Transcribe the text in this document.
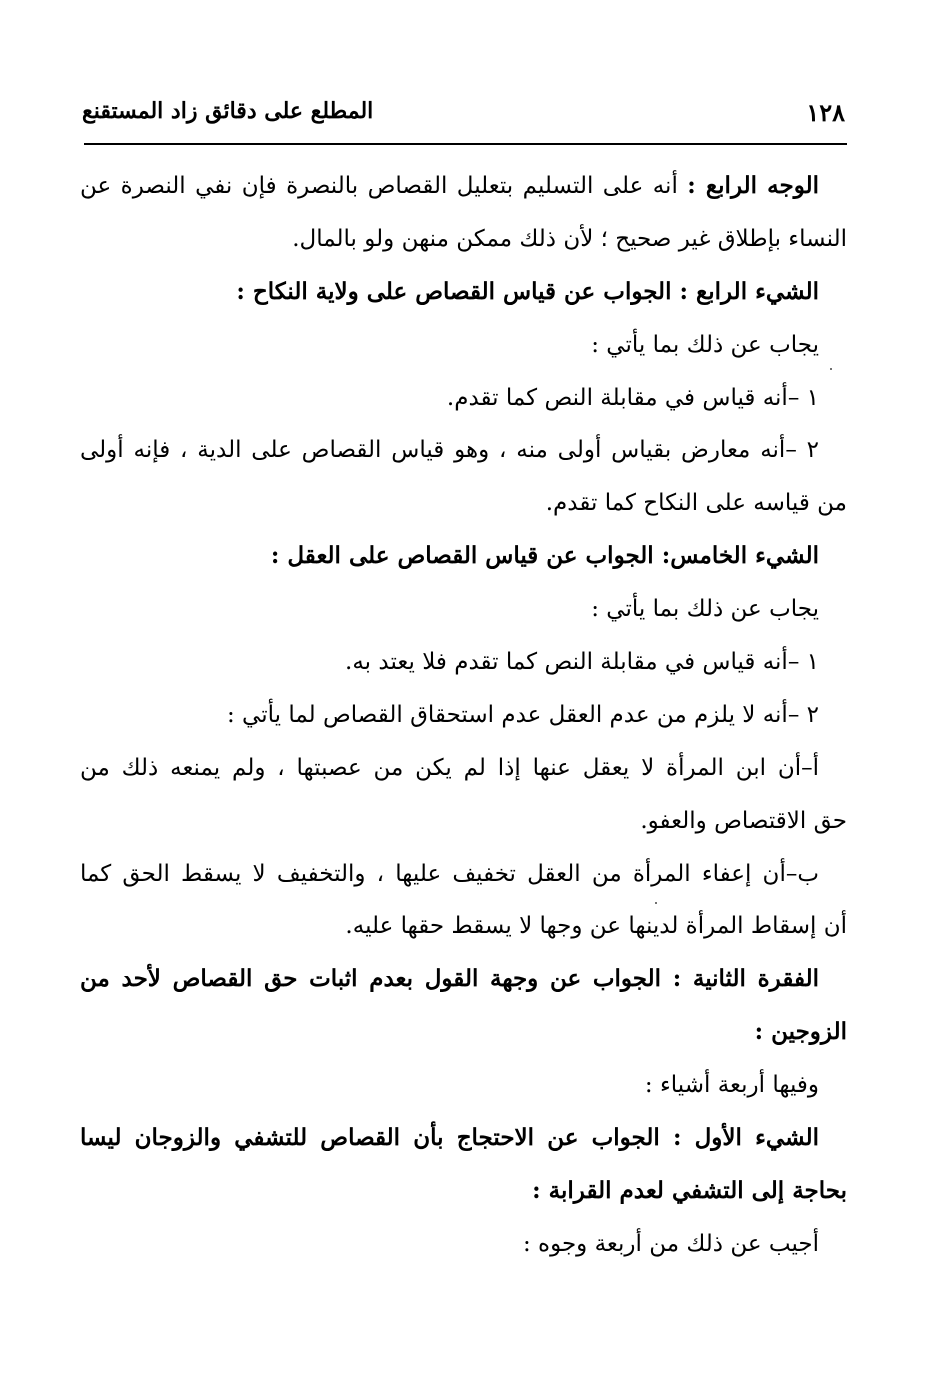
١٢٨
المطلع على دقائق زاد المستقنع
الوجه الرابع : أنه على التسليم بتعليل القصاص بالنصرة فإن نفي النصرة عن
النساء بإطلاق غير صحيح ؛ لأن ذلك ممكن منهن ولو بالمال.
الشيء الرابع : الجواب عن قياس القصاص على ولاية النكاح :
يجاب عن ذلك بما يأتي :
١ –أنه قياس في مقابلة النص كما تقدم.
٢ –أنه معارض بقياس أولى منه ، وهو قياس القصاص على الدية ، فإنه أولى
من قياسه على النكاح كما تقدم.
الشيء الخامس: الجواب عن قياس القصاص على العقل :
يجاب عن ذلك بما يأتي :
١ –أنه قياس في مقابلة النص كما تقدم فلا يعتد به.
٢ –أنه لا يلزم من عدم العقل عدم استحقاق القصاص لما يأتي :
أ–أن ابن المرأة لا يعقل عنها إذا لم يكن من عصبتها ، ولم يمنعه ذلك من
حق الاقتصاص والعفو.
ب–أن إعفاء المرأة من العقل تخفيف عليها ، والتخفيف لا يسقط الحق كما
أن إسقاط المرأة لدينها عن وجها لا يسقط حقها عليه.
الفقرة الثانية : الجواب عن وجهة القول بعدم اثبات حق القصاص لأحد من
الزوجين :
وفيها أربعة أشياء :
الشيء الأول : الجواب عن الاحتجاج بأن القصاص للتشفي والزوجان ليسا
بحاجة إلى التشفي لعدم القرابة :
أجيب عن ذلك من أربعة وجوه :
